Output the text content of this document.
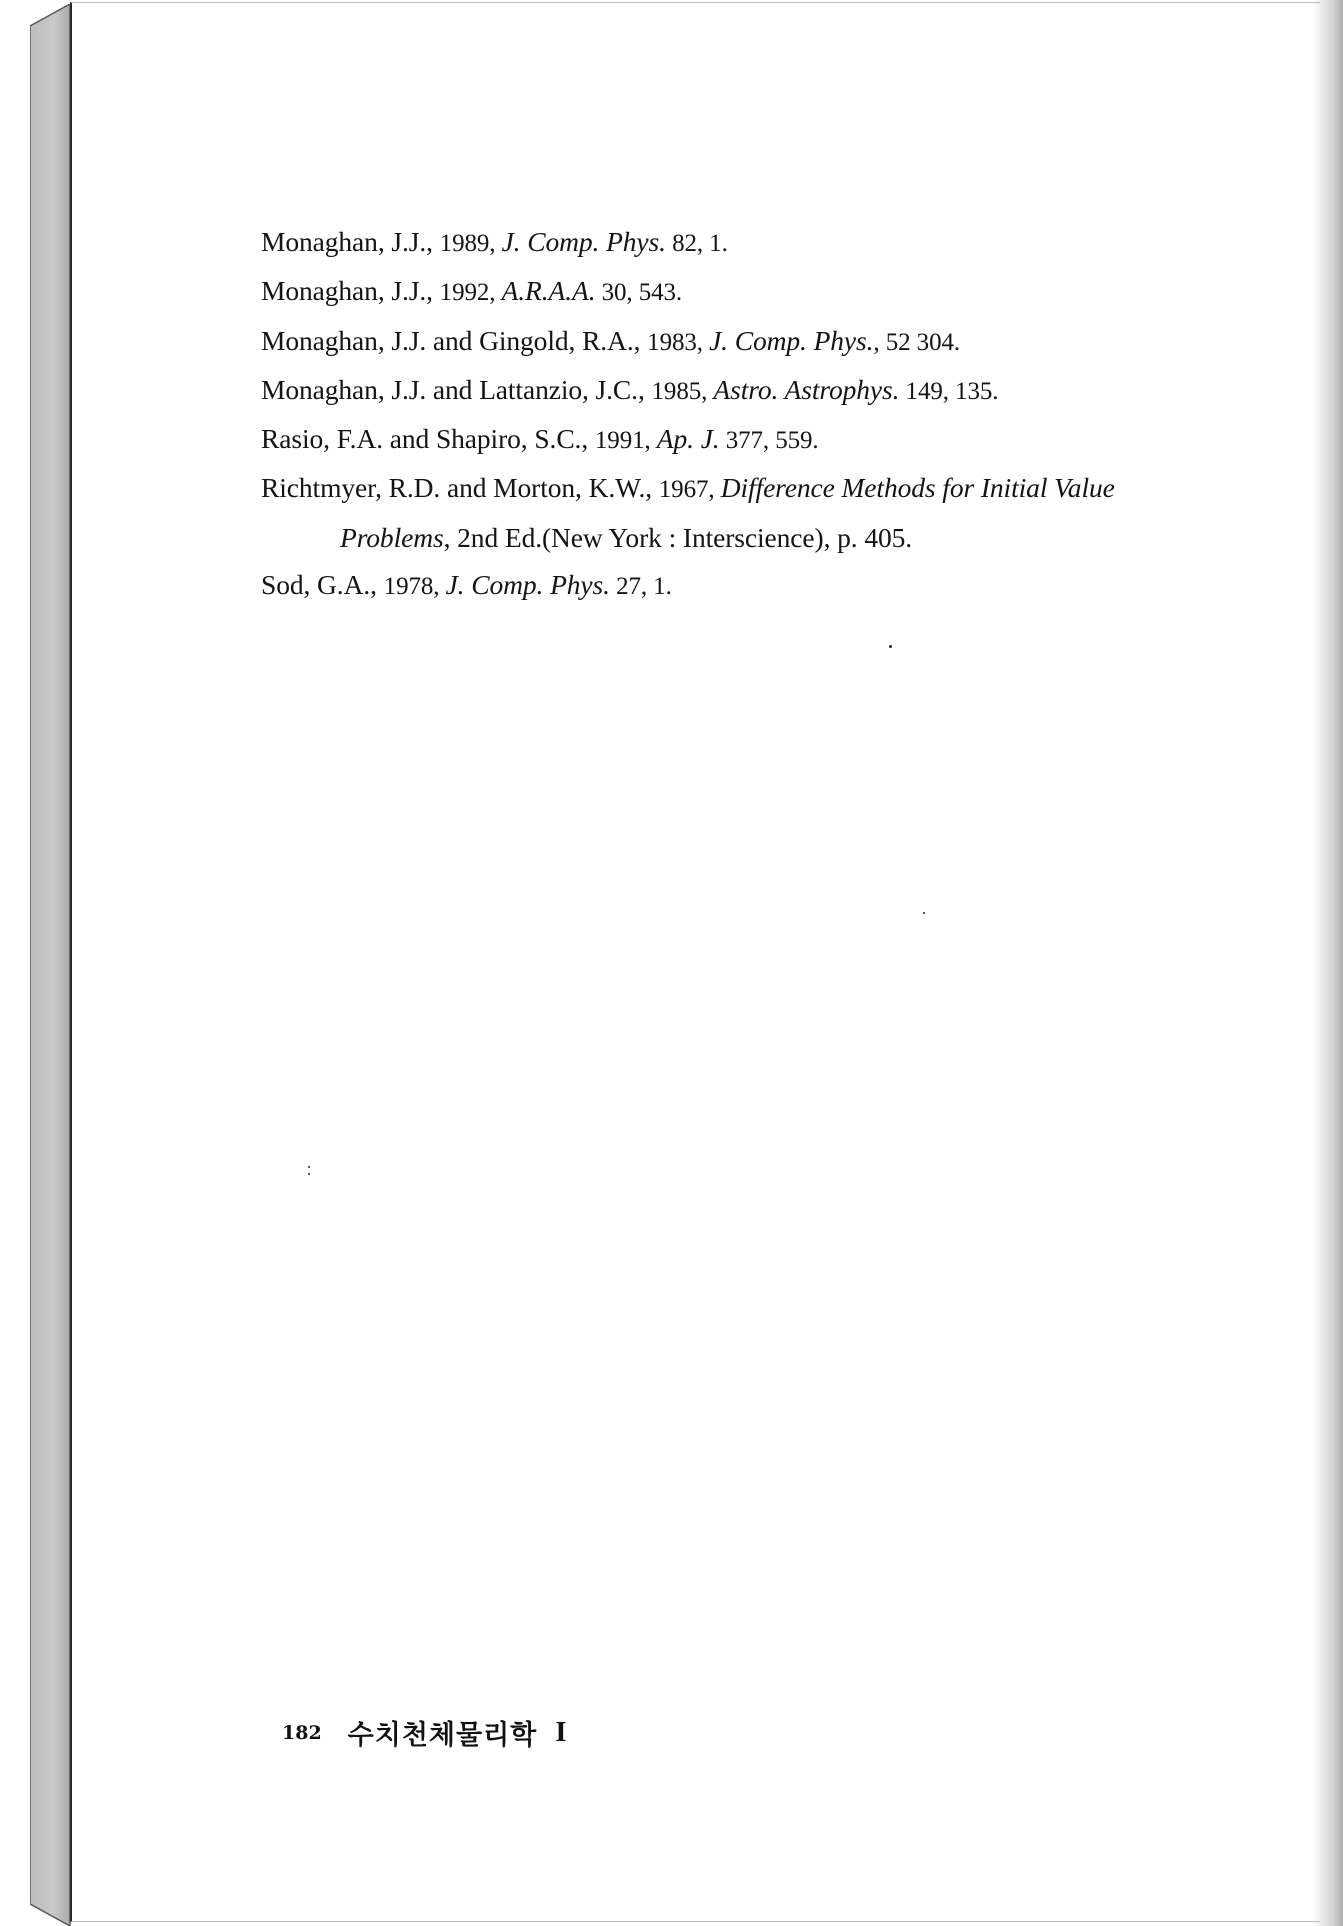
Monaghan, J.J., 1989, J. Comp. Phys. 82, 1.
Monaghan, J.J., 1992, A.R.A.A. 30, 543.
Monaghan, J.J. and Gingold, R.A., 1983, J. Comp. Phys., 52 304.
Monaghan, J.J. and Lattanzio, J.C., 1985, Astro. Astrophys. 149, 135.
Rasio, F.A. and Shapiro, S.C., 1991, Ap. J. 377, 559.
Richtmyer, R.D. and Morton, K.W., 1967, Difference Methods for Initial Value
Problems, 2nd Ed.(New York : Interscience), p. 405.
Sod, G.A., 1978, J. Comp. Phys. 27, 1.
182 수치천체물리학 I
